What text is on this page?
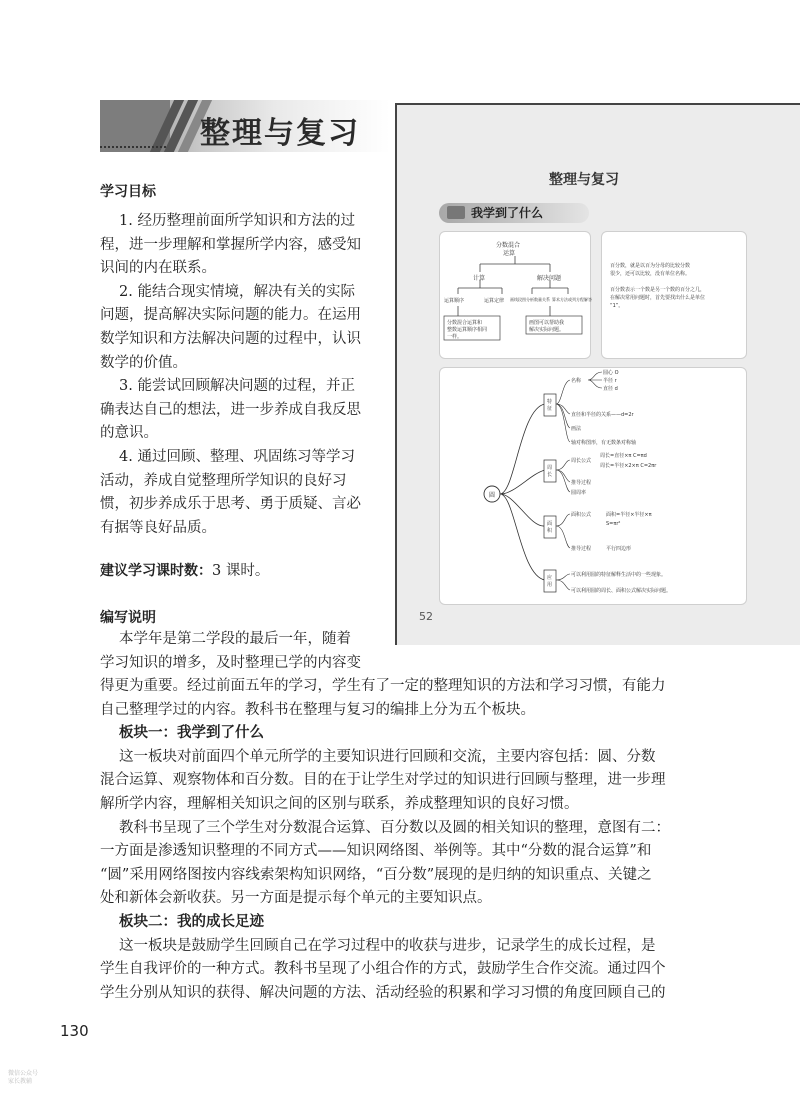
整理与复习
学习目标
1. 经历整理前面所学知识和方法的过
程，进一步理解和掌握所学内容，感受知
识间的内在联系。
2. 能结合现实情境，解决有关的实际
问题，提高解决实际问题的能力。在运用
数学知识和方法解决问题的过程中，认识
数学的价值。
3. 能尝试回顾解决问题的过程，并正
确表达自己的想法，进一步养成自我反思
的意识。
4. 通过回顾、整理、巩固练习等学习
活动，养成自觉整理所学知识的良好习
惯，初步养成乐于思考、勇于质疑、言必
有据等良好品质。
建议学习课时数：3 课时。
编写说明
本学年是第二学段的最后一年，随着
学习知识的增多，及时整理已学的内容变
得更为重要。经过前面五年的学习，学生有了一定的整理知识的方法和学习习惯，有能力
自己整理学过的内容。教科书在整理与复习的编排上分为五个板块。
板块一：我学到了什么
这一板块对前面四个单元所学的主要知识进行回顾和交流，主要内容包括：圆、分数
混合运算、观察物体和百分数。目的在于让学生对学过的知识进行回顾与整理，进一步理
解所学内容，理解相关知识之间的区别与联系，养成整理知识的良好习惯。
教科书呈现了三个学生对分数混合运算、百分数以及圆的相关知识的整理，意图有二：
一方面是渗透知识整理的不同方式——知识网络图、举例等。其中“分数的混合运算”和
“圆”采用网络图按内容线索架构知识网络，“百分数”展现的是归纳的知识重点、关键之
处和新体会新收获。另一方面是提示每个单元的主要知识点。
板块二：我的成长足迹
这一板块是鼓励学生回顾自己在学习过程中的收获与进步，记录学生的成长过程，是
学生自我评价的一种方式。教科书呈现了小组合作的方式，鼓励学生合作交流。通过四个
学生分别从知识的获得、解决问题的方法、活动经验的积累和学习习惯的角度回顾自己的
130
微信公众号
家长教辅
整理与复习
我学到了什么
分数混合
运算
计算	解决问题
运算顺序	运算定律 画线段图分析数量关系 算术方法或列方程解答
分数混合运算和
整数运算顺序相同
一样。
画图可以帮助我
解决实际问题。
百分数，就是以百为分母的比较分数
很少，还可以比较，没有单位名称。
百分数表示一个数是另一个数的百分之几，
在解决常用问题时，首先要找出什么是单位
“1”。
圆
特征
周长
面积
应用
圆心 O
半径 r
直径 d
名称
直径和半径的关系——d=2r
画法
轴对称图形，有无数条对称轴
周长公式
周长=直径×π C=πd
周长=半径×2×π C=2πr
推导过程
圆周率
面积公式	面积=半径×半径×π
S=πr²
推导过程	平行四边形
可以利用圆的特征解释生活中的一些现象。
可以利用圆的周长、面积公式解决实际问题。
52
